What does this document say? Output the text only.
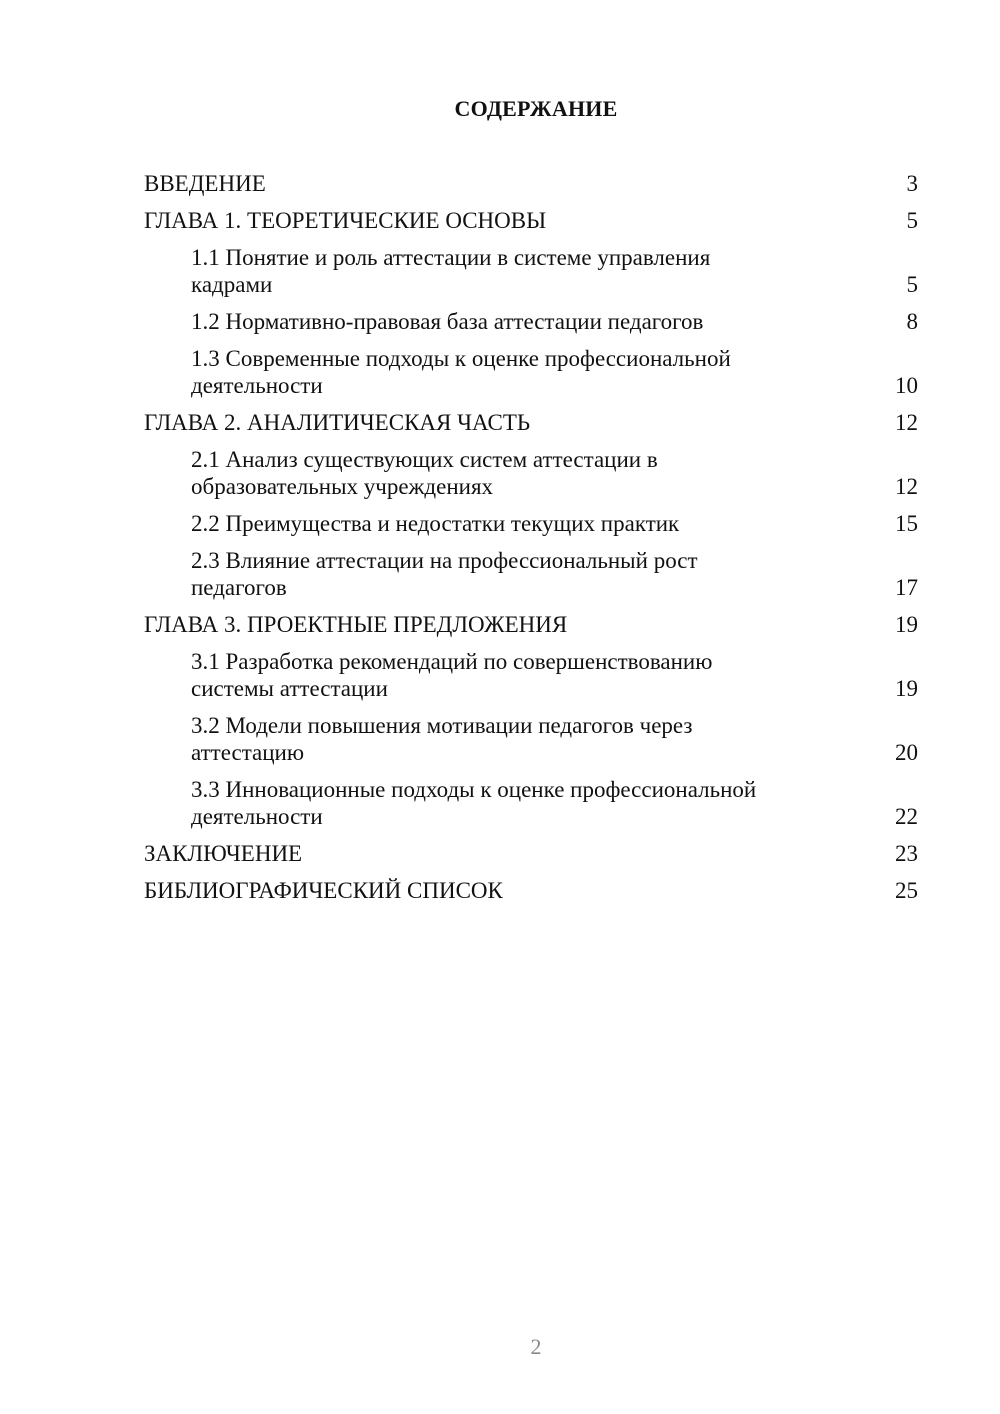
СОДЕРЖАНИЕ
ВВЕДЕНИЕ	3
ГЛАВА 1. ТЕОРЕТИЧЕСКИЕ ОСНОВЫ	5
1.1 Понятие и роль аттестации в системе управления кадрами	5
1.2 Нормативно-правовая база аттестации педагогов	8
1.3 Современные подходы к оценке профессиональной деятельности	10
ГЛАВА 2. АНАЛИТИЧЕСКАЯ ЧАСТЬ	12
2.1 Анализ существующих систем аттестации в образовательных учреждениях	12
2.2 Преимущества и недостатки текущих практик	15
2.3 Влияние аттестации на профессиональный рост педагогов	17
ГЛАВА 3. ПРОЕКТНЫЕ ПРЕДЛОЖЕНИЯ	19
3.1 Разработка рекомендаций по совершенствованию системы аттестации	19
3.2 Модели повышения мотивации педагогов через аттестацию	20
3.3 Инновационные подходы к оценке профессиональной деятельности	22
ЗАКЛЮЧЕНИЕ	23
БИБЛИОГРАФИЧЕСКИЙ СПИСОК	25
2
